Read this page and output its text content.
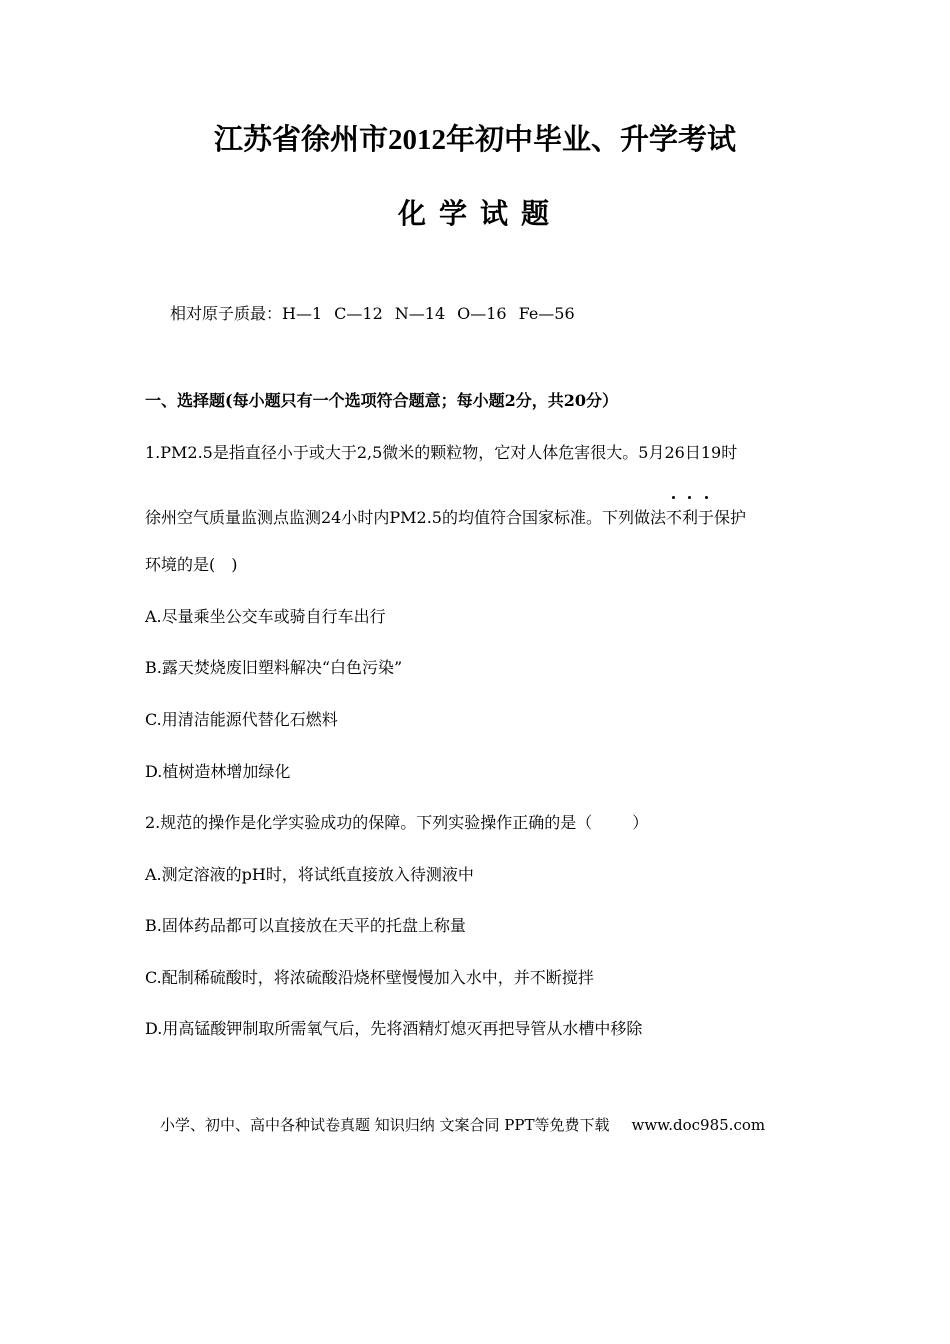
江苏省徐州市2012年初中毕业、升学考试
化学试题
相对原子质最：H—1 C—12 N—14 O—16 Fe—56
一、选择题(每小题只有一个选项符合题意；每小题2分，共20分）
1.PM2.5是指直径小于或大于2,5微米的颗粒物，它对人体危害很大。5月26日19时
徐州空气质量监测点监测24小时内PM2.5的均值符合国家标准。下列做法不利于保护
环境的是(　)
A.尽量乘坐公交车或骑自行车出行
B.露天焚烧废旧塑料解决“白色污染”
C.用清洁能源代替化石燃料
D.植树造林增加绿化
2.规范的操作是化学实验成功的保障。下列实验操作正确的是（	）
A.测定溶液的pH时，将试纸直接放入待测液中
B.固体药品都可以直接放在天平的托盘上称量
C.配制稀硫酸时，将浓硫酸沿烧杯壁慢慢加入水中，并不断搅拌
D.用高锰酸钾制取所需氧气后，先将酒精灯熄灭再把导管从水槽中移除
小学、初中、高中各种试卷真题 知识归纳 文案合同 PPT等免费下载 www.doc985.com
